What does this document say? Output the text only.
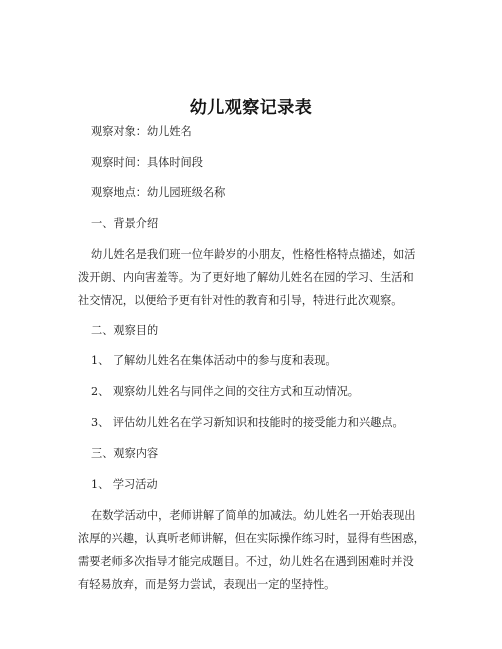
幼儿观察记录表
观察对象：幼儿姓名
观察时间：具体时间段
观察地点：幼儿园班级名称
一、背景介绍
幼儿姓名是我们班一位年龄岁的小朋友，性格性格特点描述，如活
泼开朗、内向害羞等。为了更好地了解幼儿姓名在园的学习、生活和
社交情况，以便给予更有针对性的教育和引导，特进行此次观察。
二、观察目的
1、 了解幼儿姓名在集体活动中的参与度和表现。
2、 观察幼儿姓名与同伴之间的交往方式和互动情况。
3、 评估幼儿姓名在学习新知识和技能时的接受能力和兴趣点。
三、观察内容
1、 学习活动
在数学活动中，老师讲解了简单的加减法。幼儿姓名一开始表现出
浓厚的兴趣，认真听老师讲解，但在实际操作练习时，显得有些困惑，
需要老师多次指导才能完成题目。不过，幼儿姓名在遇到困难时并没
有轻易放弃，而是努力尝试，表现出一定的坚持性。
